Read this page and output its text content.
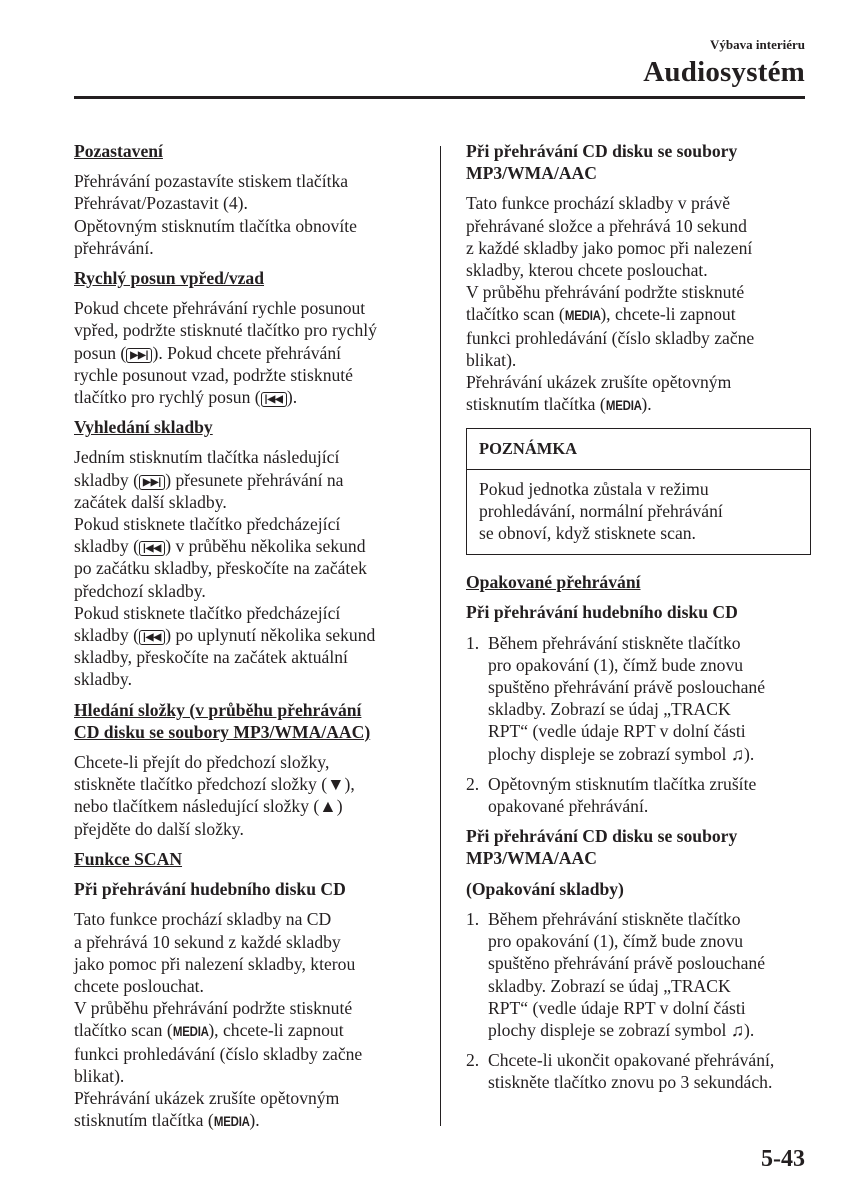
Výbava interiéru
Audiosystém
Pozastavení
Přehrávání pozastavíte stiskem tlačítka
Přehrávat/Pozastavit (4).
Opětovným stisknutím tlačítka obnovíte
přehrávání.
Rychlý posun vpřed/vzad
Pokud chcete přehrávání rychle posunout
vpřed, podržte stisknuté tlačítko pro rychlý
posun ( ▶▶| ). Pokud chcete přehrávání
rychle posunout vzad, podržte stisknuté
tlačítko pro rychlý posun ( |◀◀ ).
Vyhledání skladby
Jedním stisknutím tlačítka následující
skladby ( ▶▶| ) přesunete přehrávání na
začátek další skladby.
Pokud stisknete tlačítko předcházející
skladby ( |◀◀ ) v průběhu několika sekund
po začátku skladby, přeskočíte na začátek
předchozí skladby.
Pokud stisknete tlačítko předcházející
skladby ( |◀◀ ) po uplynutí několika sekund
skladby, přeskočíte na začátek aktuální
skladby.
Hledání složky (v průběhu přehrávání
CD disku se soubory MP3/WMA/AAC)
Chcete-li přejít do předchozí složky,
stiskněte tlačítko předchozí složky (▼),
nebo tlačítkem následující složky (▲)
přejděte do další složky.
Funkce SCAN
Při přehrávání hudebního disku CD
Tato funkce prochází skladby na CD
a přehrává 10 sekund z každé skladby
jako pomoc při nalezení skladby, kterou
chcete poslouchat.
V průběhu přehrávání podržte stisknuté
tlačítko scan (MEDIA), chcete-li zapnout
funkci prohledávání (číslo skladby začne
blikat).
Přehrávání ukázek zrušíte opětovným
stisknutím tlačítka (MEDIA).
Při přehrávání CD disku se soubory
MP3/WMA/AAC
Tato funkce prochází skladby v právě
přehrávané složce a přehrává 10 sekund
z každé skladby jako pomoc při nalezení
skladby, kterou chcete poslouchat.
V průběhu přehrávání podržte stisknuté
tlačítko scan (MEDIA), chcete-li zapnout
funkci prohledávání (číslo skladby začne
blikat).
Přehrávání ukázek zrušíte opětovným
stisknutím tlačítka (MEDIA).
POZNÁMKA
Pokud jednotka zůstala v režimu
prohledávání, normální přehrávání
se obnoví, když stisknete scan.
Opakované přehrávání
Při přehrávání hudebního disku CD
1. Během přehrávání stiskněte tlačítko
pro opakování (1), čímž bude znovu
spuštěno přehrávání právě poslouchané
skladby. Zobrazí se údaj „TRACK
RPT“ (vedle údaje RPT v dolní části
plochy displeje se zobrazí symbol ♫).
2. Opětovným stisknutím tlačítka zrušíte
opakované přehrávání.
Při přehrávání CD disku se soubory
MP3/WMA/AAC
(Opakování skladby)
1. Během přehrávání stiskněte tlačítko
pro opakování (1), čímž bude znovu
spuštěno přehrávání právě poslouchané
skladby. Zobrazí se údaj „TRACK
RPT“ (vedle údaje RPT v dolní části
plochy displeje se zobrazí symbol ♫).
2. Chcete-li ukončit opakované přehrávání,
stiskněte tlačítko znovu po 3 sekundách.
5-43
